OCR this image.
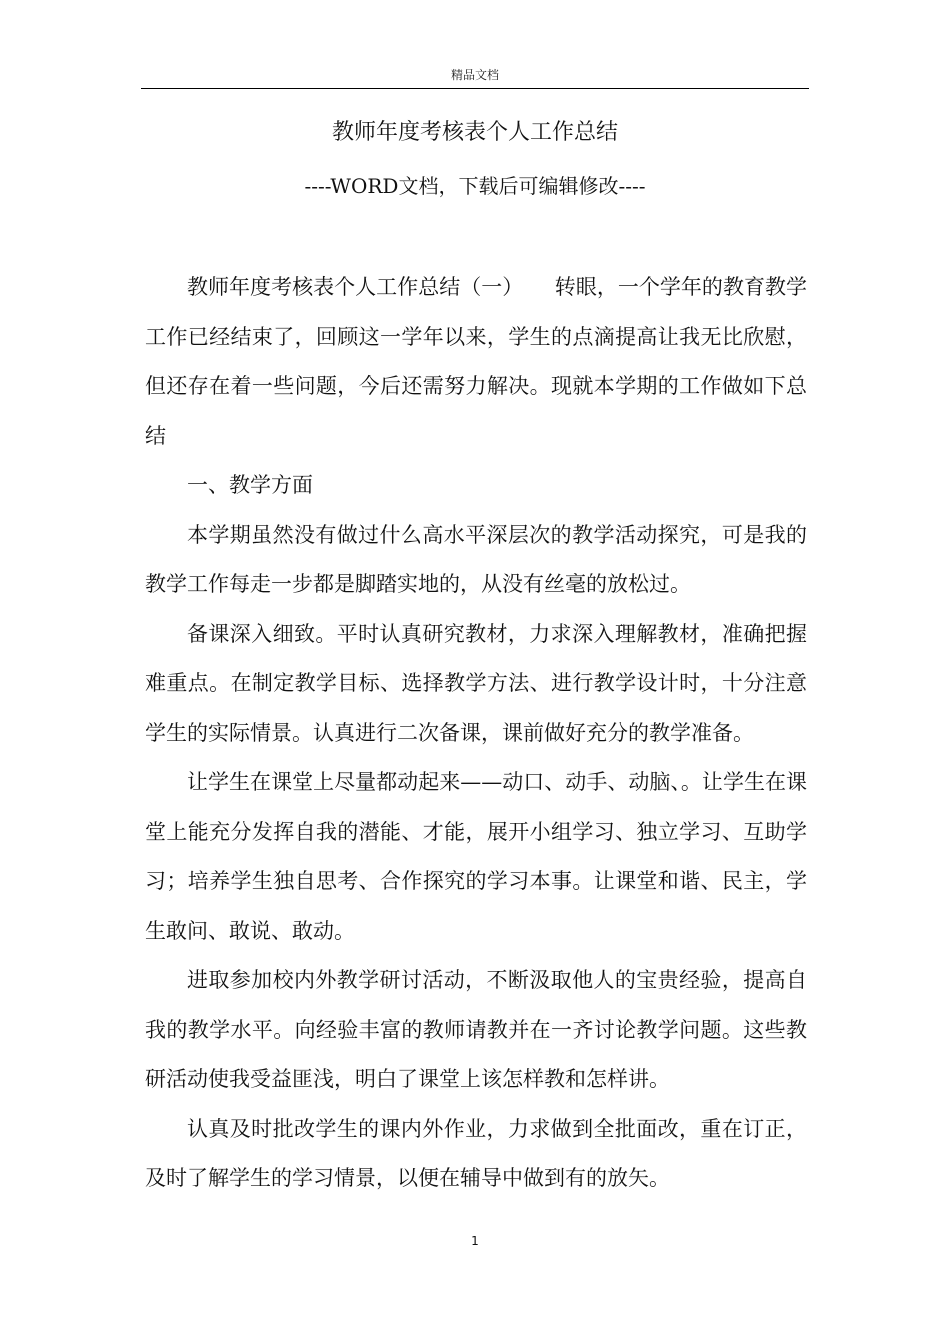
精品文档
教师年度考核表个人工作总结
----WORD文档，下载后可编辑修改----

教师年度考核表个人工作总结（一）　　转眼，一个学年的教育教学工作已经结束了，回顾这一学年以来，学生的点滴提高让我无比欣慰，但还存在着一些问题，今后还需努力解决。现就本学期的工作做如下总结

一、教学方面

本学期虽然没有做过什么高水平深层次的教学活动探究，可是我的教学工作每走一步都是脚踏实地的，从没有丝毫的放松过。

备课深入细致。平时认真研究教材，力求深入理解教材，准确把握难重点。在制定教学目标、选择教学方法、进行教学设计时，十分注意学生的实际情景。认真进行二次备课，课前做好充分的教学准备。

让学生在课堂上尽量都动起来——动口、动手、动脑、。让学生在课堂上能充分发挥自我的潜能、才能，展开小组学习、独立学习、互助学习；培养学生独自思考、合作探究的学习本事。让课堂和谐、民主，学生敢问、敢说、敢动。

进取参加校内外教学研讨活动，不断汲取他人的宝贵经验，提高自我的教学水平。向经验丰富的教师请教并在一齐讨论教学问题。这些教研活动使我受益匪浅，明白了课堂上该怎样教和怎样讲。

认真及时批改学生的课内外作业，力求做到全批面改，重在订正，及时了解学生的学习情景，以便在辅导中做到有的放矢。

1
